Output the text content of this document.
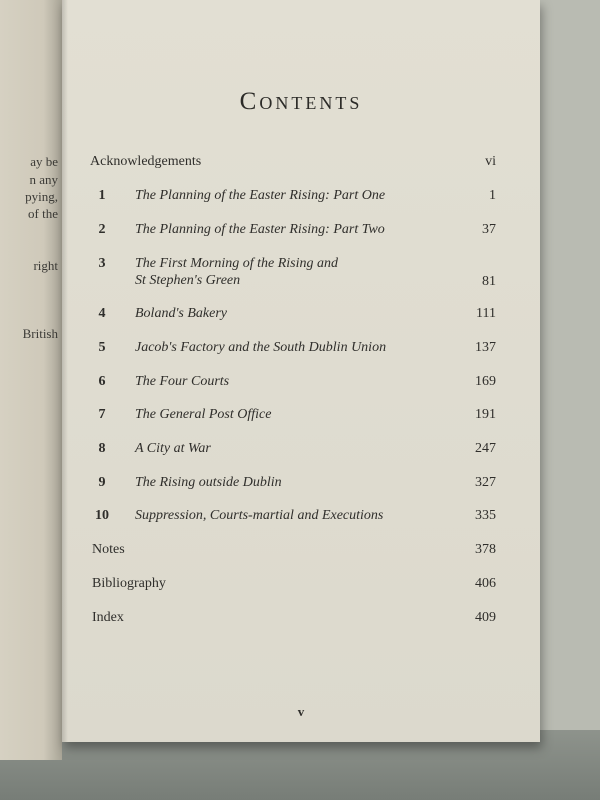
ay be
n any
pying,
of the
right
British
Contents
Acknowledgements	vi
1	The Planning of the Easter Rising: Part One	1
2	The Planning of the Easter Rising: Part Two	37
3	The First Morning of the Rising and
St Stephen's Green	81
4	Boland's Bakery	111
5	Jacob's Factory and the South Dublin Union	137
6	The Four Courts	169
7	The General Post Office	191
8	A City at War	247
9	The Rising outside Dublin	327
10	Suppression, Courts-martial and Executions	335
Notes	378
Bibliography	406
Index	409
v
